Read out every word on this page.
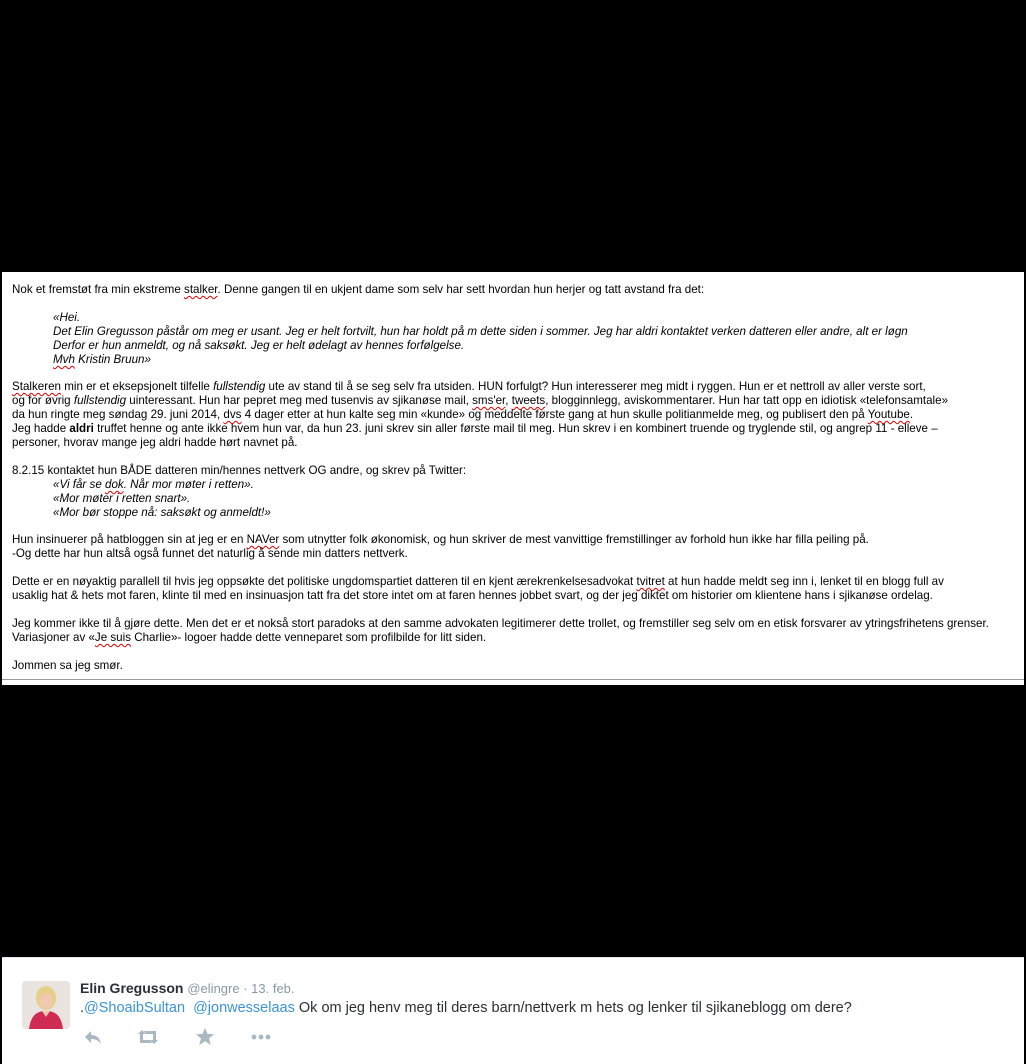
Nok et fremstøt fra min ekstreme stalker. Denne gangen til en ukjent dame som selv har sett hvordan hun herjer og tatt avstand fra det:
«Hei.
Det Elin Gregusson påstår om meg er usant. Jeg er helt fortvilt, hun har holdt på m dette siden i sommer. Jeg har aldri kontaktet verken datteren eller andre, alt er løgn
Derfor er hun anmeldt, og nå saksøkt. Jeg er helt ødelagt av hennes forfølgelse.
Mvh Kristin Bruun»
Stalkeren min er et eksepsjonelt tilfelle fullstendig ute av stand til å se seg selv fra utsiden. HUN forfulgt? Hun interesserer meg midt i ryggen. Hun er et nettroll av aller verste sort,
og for øvrig fullstendig uinteressant. Hun har pepret meg med tusenvis av sjikanøse mail, sms'er, tweets, blogginnlegg, aviskommentarer. Hun har tatt opp en idiotisk «telefonsamtale»
da hun ringte meg søndag 29. juni 2014, dvs 4 dager etter at hun kalte seg min «kunde» og meddelte første gang at hun skulle politianmelde meg, og publisert den på Youtube.
Jeg hadde aldri truffet henne og ante ikke hvem hun var, da hun 23. juni skrev sin aller første mail til meg. Hun skrev i en kombinert truende og tryglende stil, og angrep 11 - elleve –
personer, hvorav mange jeg aldri hadde hørt navnet på.
8.2.15 kontaktet hun BÅDE datteren min/hennes nettverk OG andre, og skrev på Twitter:
«Vi får se dok. Når mor møter i retten».
«Mor møter i retten snart».
«Mor bør stoppe nå: saksøkt og anmeldt!»
Hun insinuerer på hatbloggen sin at jeg er en NAVer som utnytter folk økonomisk, og hun skriver de mest vanvittige fremstillinger av forhold hun ikke har filla peiling på.
-Og dette har hun altså også funnet det naturlig å sende min datters nettverk.
Dette er en nøyaktig parallell til hvis jeg oppsøkte det politiske ungdomspartiet datteren til en kjent ærekrenkelsesadvokat tvitret at hun hadde meldt seg inn i, lenket til en blogg full av
usaklig hat & hets mot faren, klinte til med en insinuasjon tatt fra det store intet om at faren hennes jobbet svart, og der jeg diktet om historier om klientene hans i sjikanøse ordelag.
Jeg kommer ikke til å gjøre dette. Men det er et nokså stort paradoks at den samme advokaten legitimerer dette trollet, og fremstiller seg selv om en etisk forsvarer av ytringsfrihetens grenser.
Variasjoner av «Je suis Charlie»- logoer hadde dette venneparet som profilbilde for litt siden.
Jommen sa jeg smør.
Elin Gregusson @elingre · 13. feb.
.@ShoaibSultan @jonwesselaas Ok om jeg henv meg til deres barn/nettverk m hets og lenker til sjikaneblogg om dere?
